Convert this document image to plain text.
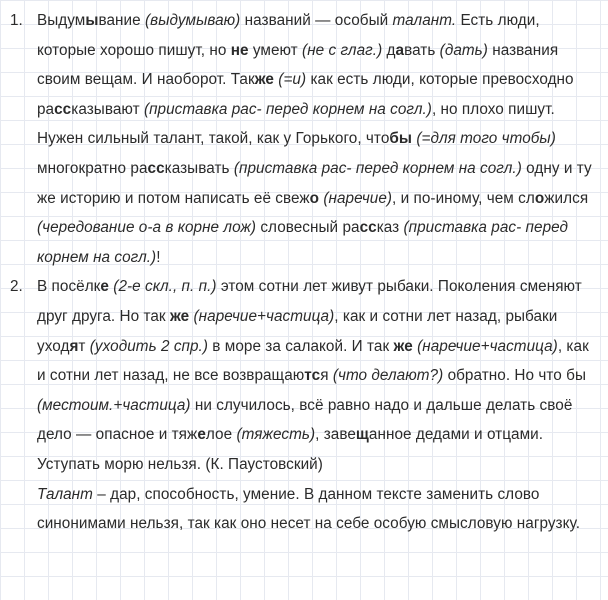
1. Выдумывание (выдумываю) названий — особый талант. Есть люди, которые хорошо пишут, но не умеют (не с глаг.) давать (дать) названия своим вещам. И наоборот. Также (=и) как есть люди, которые превосходно рассказывают (приставка рас- перед корнем на согл.), но плохо пишут. Нужен сильный талант, такой, как у Горького, чтобы (=для того чтобы) многократно рассказывать (приставка рас- перед корнем на согл.) одну и ту же историю и потом написать её свежо (наречие), и по-иному, чем сложился (чередование о-а в корне лож) словесный рассказ (приставка рас- перед корнем на согл.)!
2. В посёлке (2-е скл., п. п.) этом сотни лет живут рыбаки. Поколения сменяют друг друга. Но так же (наречие+частица), как и сотни лет назад, рыбаки уходят (уходить 2 спр.) в море за салакой. И так же (наречие+частица), как и сотни лет назад, не все возвращаются (что делают?) обратно. Но что бы (местоим.+частица) ни случилось, всё равно надо и дальше делать своё дело — опасное и тяжелое (тяжесть), завещанное дедами и отцами. Уступать морю нельзя. (К. Паустовский)
Талант – дар, способность, умение. В данном тексте заменить слово синонимами нельзя, так как оно несет на себе особую смысловую нагрузку.
